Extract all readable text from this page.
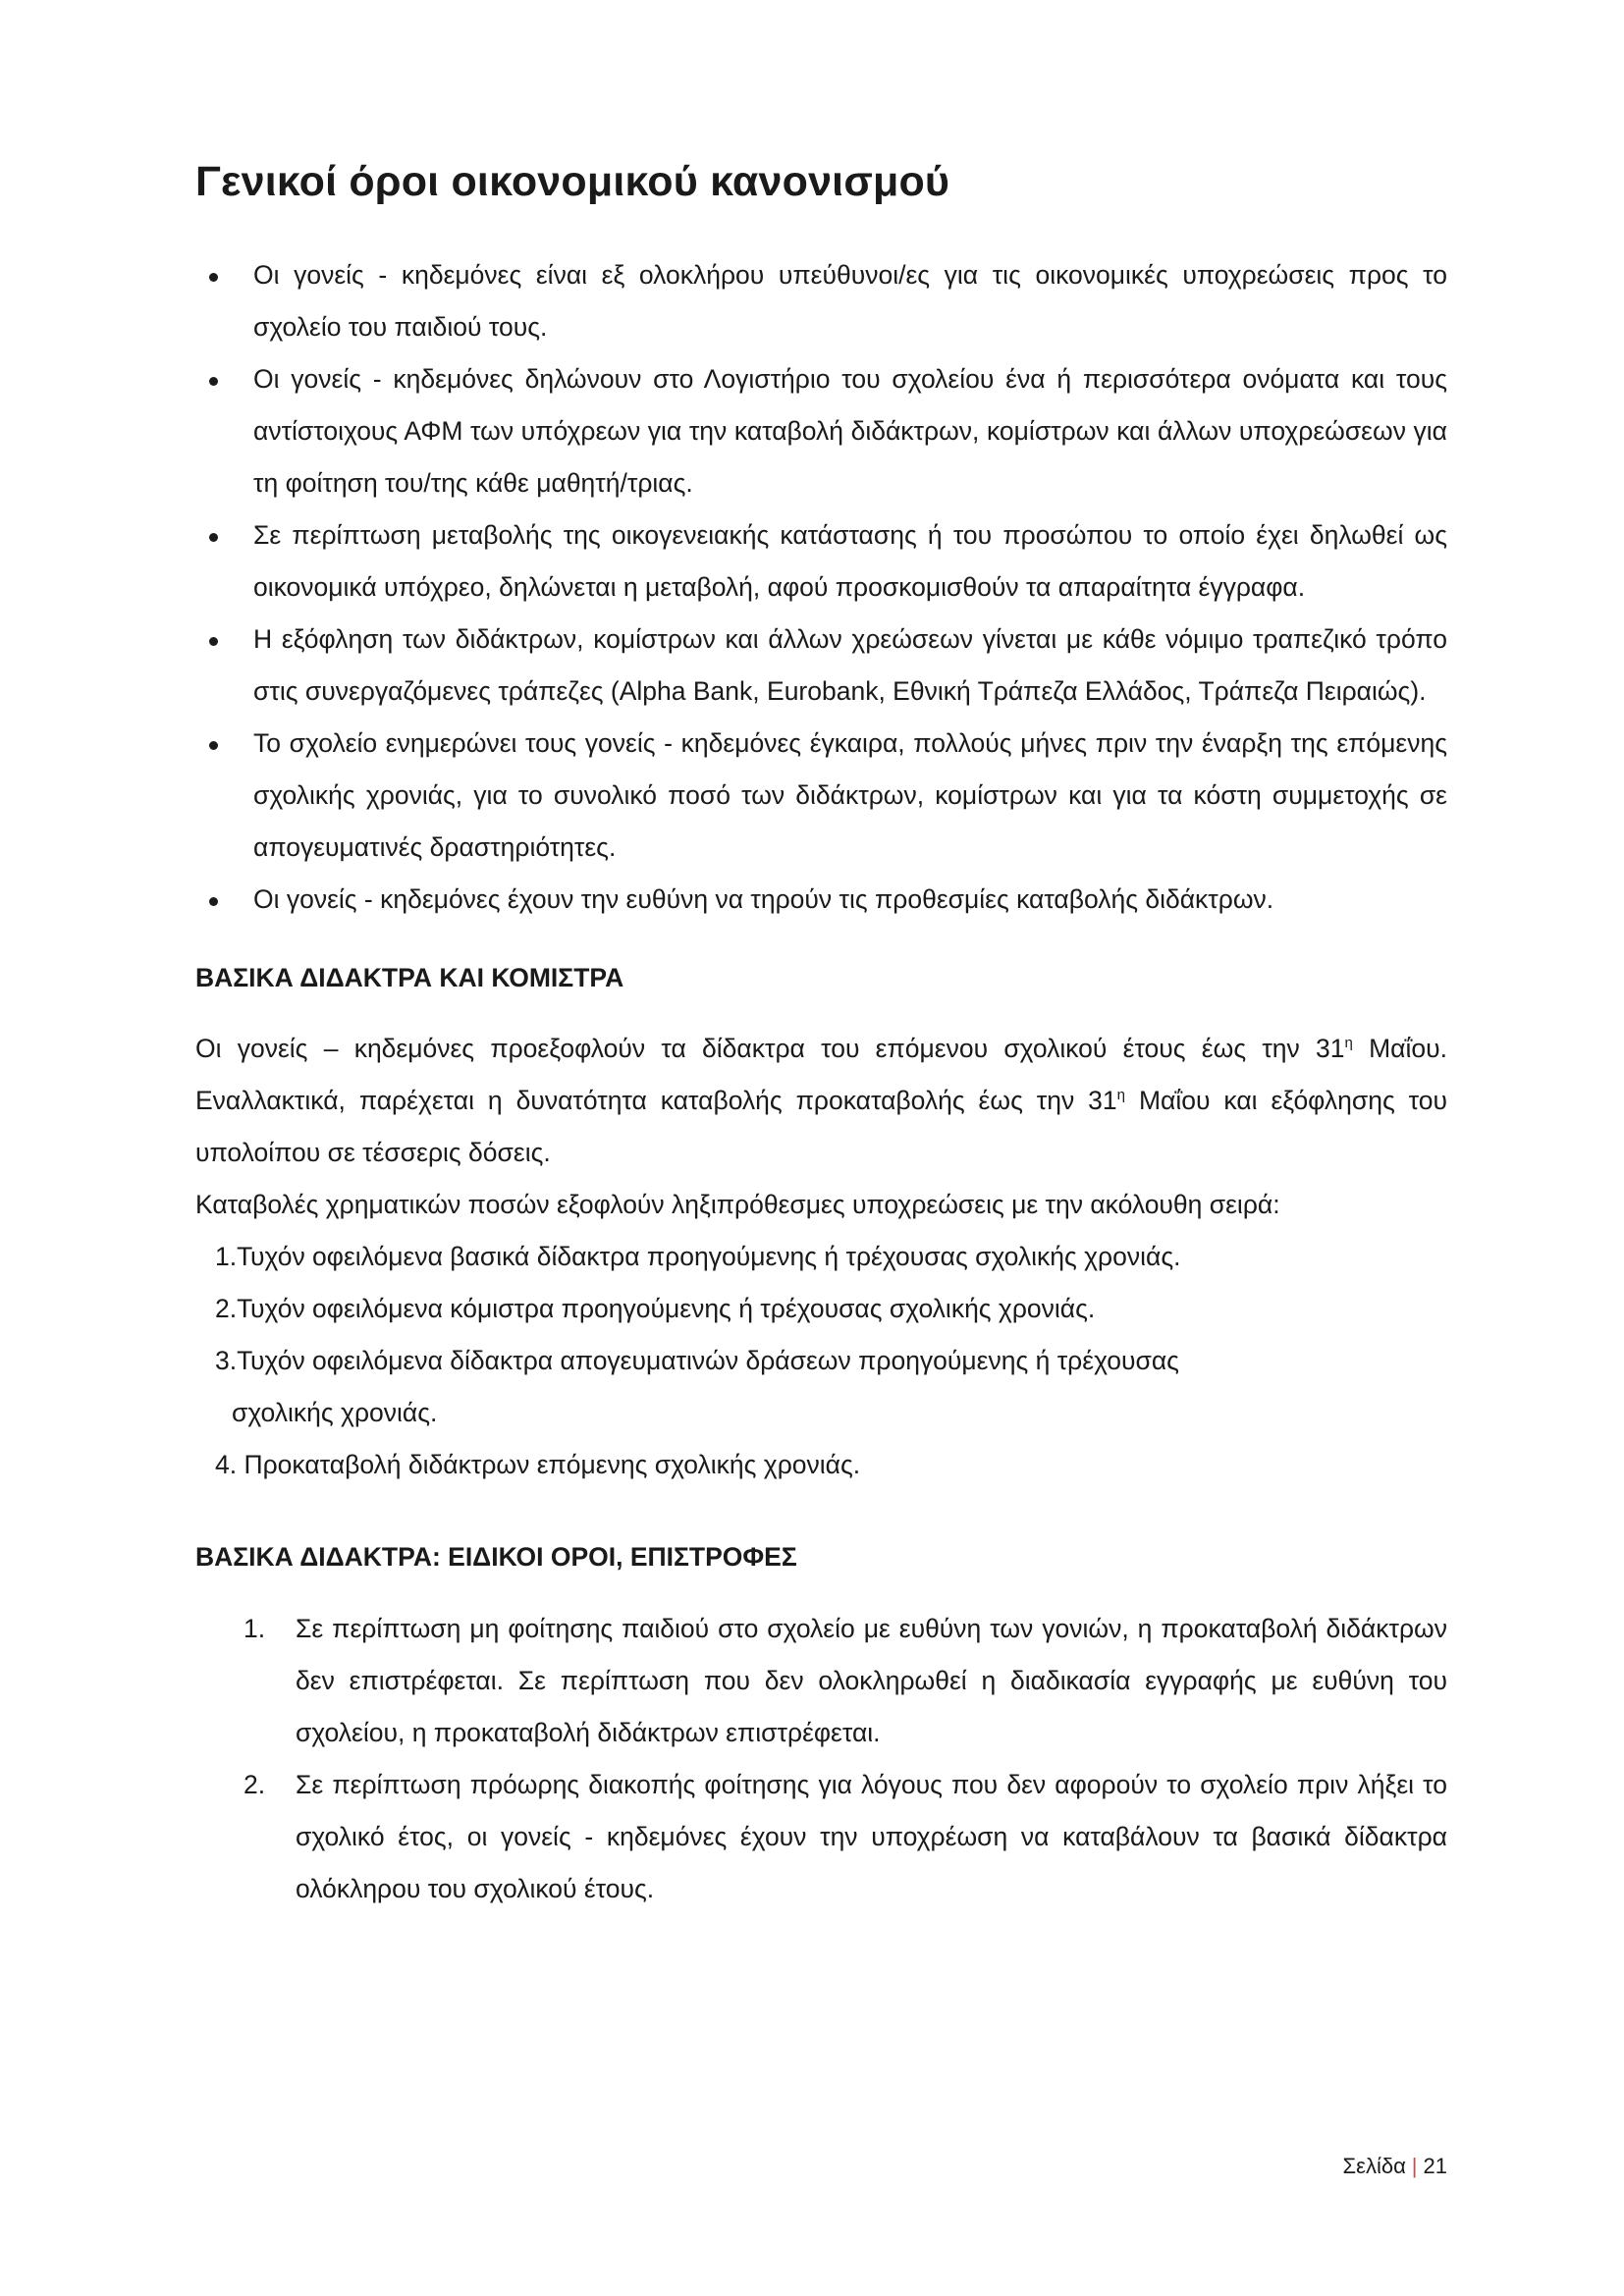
Γενικοί όροι οικονομικού κανονισμού
Οι γονείς - κηδεμόνες είναι εξ ολοκλήρου υπεύθυνοι/ες για τις οικονομικές υποχρεώσεις προς το σχολείο του παιδιού τους.
Οι γονείς - κηδεμόνες δηλώνουν στο Λογιστήριο του σχολείου ένα ή περισσότερα ονόματα και τους αντίστοιχους ΑΦΜ των υπόχρεων για την καταβολή διδάκτρων, κομίστρων και άλλων υποχρεώσεων για τη φοίτηση του/της κάθε μαθητή/τριας.
Σε περίπτωση μεταβολής της οικογενειακής κατάστασης ή του προσώπου το οποίο έχει δηλωθεί ως οικονομικά υπόχρεο, δηλώνεται η μεταβολή, αφού προσκομισθούν τα απαραίτητα έγγραφα.
Η εξόφληση των διδάκτρων, κομίστρων και άλλων χρεώσεων γίνεται με κάθε νόμιμο τραπεζικό τρόπο στις συνεργαζόμενες τράπεζες (Alpha Bank, Eurobank, Εθνική Τράπεζα Ελλάδος, Τράπεζα Πειραιώς).
Το σχολείο ενημερώνει τους γονείς - κηδεμόνες έγκαιρα, πολλούς μήνες πριν την έναρξη της επόμενης σχολικής χρονιάς, για το συνολικό ποσό των διδάκτρων, κομίστρων και για τα κόστη συμμετοχής σε απογευματινές δραστηριότητες.
Οι γονείς - κηδεμόνες έχουν την ευθύνη να τηρούν τις προθεσμίες καταβολής διδάκτρων.
ΒΑΣΙΚΑ ΔΙΔΑΚΤΡΑ ΚΑΙ ΚΟΜΙΣΤΡΑ

Οι γονείς – κηδεμόνες προεξοφλούν τα δίδακτρα του επόμενου σχολικού έτους έως την $31^\eta$ Μαΐου. Εναλλακτικά, παρέχεται η δυνατότητα καταβολής προκαταβολής έως την $31^\eta$ Μαΐου και εξόφλησης του υπολοίπου σε τέσσερις δόσεις.

Καταβολές χρηματικών ποσών εξοφλούν ληξιπρόθεσμες υποχρεώσεις με την ακόλουθη σειρά:

1.Τυχόν οφειλόμενα βασικά δίδακτρα προηγούμενης ή τρέχουσας σχολικής χρονιάς.
2.Τυχόν οφειλόμενα κόμιστρα προηγούμενης ή τρέχουσας σχολικής χρονιάς.
3.Τυχόν οφειλόμενα δίδακτρα απογευματινών δράσεων προηγούμενης ή τρέχουσας
σχολικής χρονιάς.
4. Προκαταβολή διδάκτρων επόμενης σχολικής χρονιάς.
ΒΑΣΙΚΑ ΔΙΔΑΚΤΡΑ: ΕΙΔΙΚΟΙ ΟΡΟΙ, ΕΠΙΣΤΡΟΦΕΣ
1. Σε περίπτωση μη φοίτησης παιδιού στο σχολείο με ευθύνη των γονιών, η προκαταβολή διδάκτρων δεν επιστρέφεται. Σε περίπτωση που δεν ολοκληρωθεί η διαδικασία εγγραφής με ευθύνη του σχολείου, η προκαταβολή διδάκτρων επιστρέφεται.
2. Σε περίπτωση πρόωρης διακοπής φοίτησης για λόγους που δεν αφορούν το σχολείο πριν λήξει το σχολικό έτος, οι γονείς - κηδεμόνες έχουν την υποχρέωση να καταβάλουν τα βασικά δίδακτρα ολόκληρου του σχολικού έτους.
Σελίδα | 21
